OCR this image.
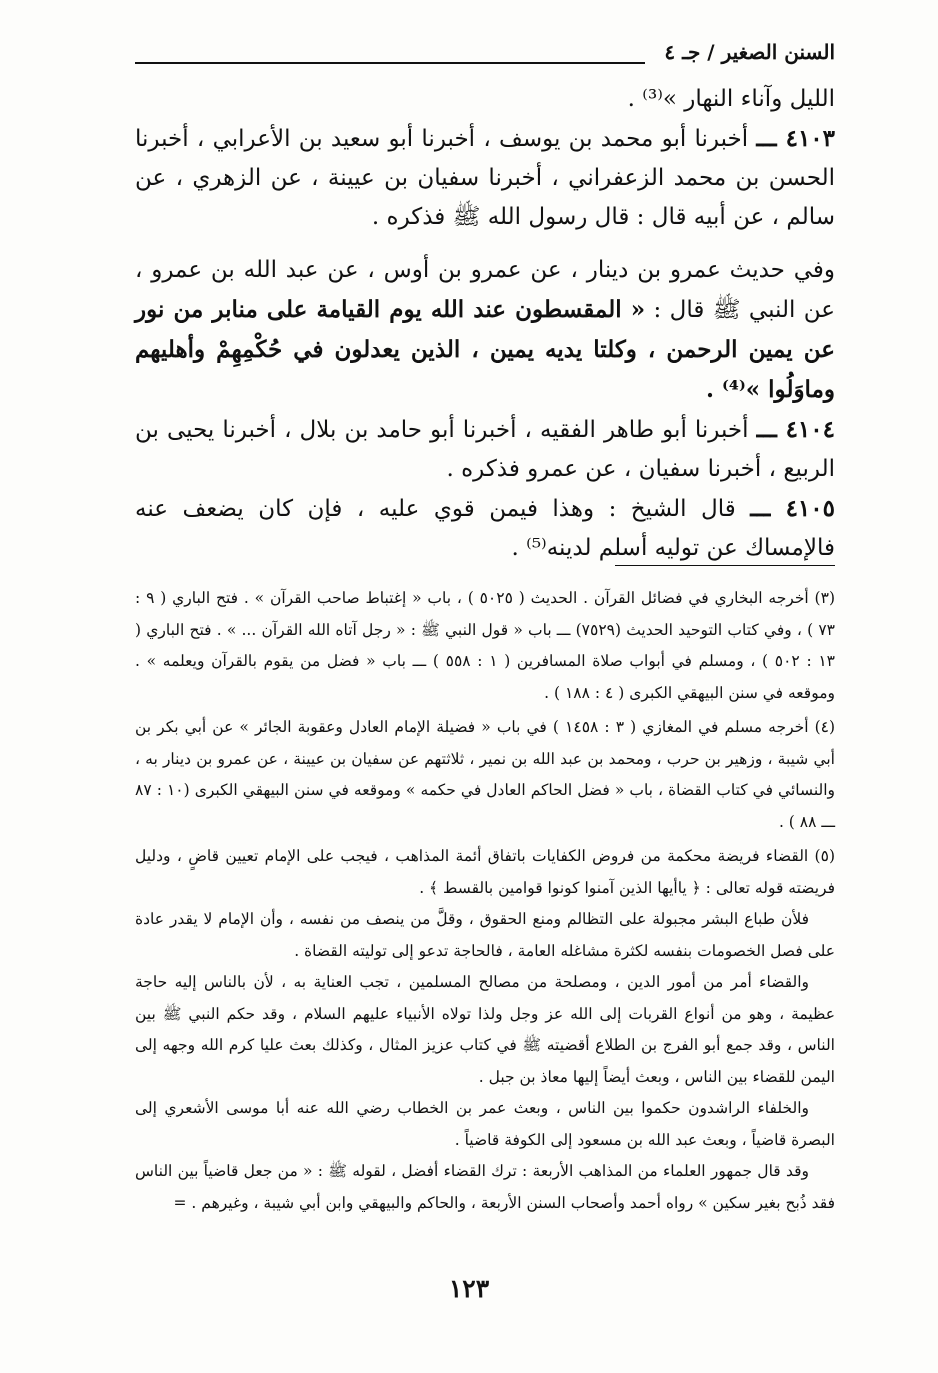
السنن الصغير / جـ ٤

الليل وآناء النهار »⁽³⁾ .

٤١٠٣ ـــ أخبرنا أبو محمد بن يوسف ، أخبرنا أبو سعيد بن الأعرابي ، أخبرنا الحسن بن محمد الزعفراني ، أخبرنا سفيان بن عيينة ، عن الزهري ، عن سالم ، عن أبيه قال : قال رسول الله ﷺ فذكره .

وفي حديث عمرو بن دينار ، عن عمرو بن أوس ، عن عبد الله بن عمرو ، عن النبي ﷺ قال : « المقسطون عند الله يوم القيامة على منابر من نور عن يمين الرحمن ، وكلتا يديه يمين ، الذين يعدلون في حُكْمِهِمْ وأهليهم وماوَلُوا »⁽⁴⁾ .

٤١٠٤ ـــ أخبرنا أبو طاهر الفقيه ، أخبرنا أبو حامد بن بلال ، أخبرنا يحيى بن الربيع ، أخبرنا سفيان ، عن عمرو فذكره .

٤١٠٥ ـــ قال الشيخ : وهذا فيمن قوي عليه ، فإن كان يضعف عنه فالإمساك عن توليه أسلم لدينه⁽⁵⁾ .

(٣) أخرجه البخاري في فضائل القرآن . الحديث ( ٥٠٢٥ ) ، باب « إغتباط صاحب القرآن » . فتح الباري ( ٩ : ٧٣ ) ، وفي كتاب التوحيد الحديث (٧٥٢٩) ـــ باب « قول النبي ﷺ : « رجل آتاه الله القرآن ... » . فتح الباري ( ١٣ : ٥٠٢ ) ، ومسلم في أبواب صلاة المسافرين ( ١ : ٥٥٨ ) ـــ باب « فضل من يقوم بالقرآن ويعلمه » . وموقعه في سنن البيهقي الكبرى ( ٤ : ١٨٨ ) .

(٤) أخرجه مسلم في المغازي ( ٣ : ١٤٥٨ ) في باب « فضيلة الإمام العادل وعقوبة الجائر » عن أبي بكر بن أبي شيبة ، وزهير بن حرب ، ومحمد بن عبد الله بن نمير ، ثلاثتهم عن سفيان بن عيينة ، عن عمرو بن دينار به ، والنسائي في كتاب القضاة ، باب « فضل الحاكم العادل في حكمه » وموقعه في سنن البيهقي الكبرى (١٠ : ٨٧ ـــ ٨٨ ) .

(٥) القضاء فريضة محكمة من فروض الكفايات باتفاق أئمة المذاهب ، فيجب على الإمام تعيين قاضٍ ، ودليل فريضته قوله تعالى : ﴿ ياأيها الذين آمنوا كونوا قوامين بالقسط ﴾ .

فلأن طباع البشر مجبولة على التظالم ومنع الحقوق ، وقلَّ من ينصف من نفسه ، وأن الإمام لا يقدر عادة على فصل الخصومات بنفسه لكثرة مشاغله العامة ، فالحاجة تدعو إلى توليته القضاة .

والقضاء أمر من أمور الدين ، ومصلحة من مصالح المسلمين ، تجب العناية به ، لأن بالناس إليه حاجة عظيمة ، وهو من أنواع القربات إلى الله عز وجل ولذا تولاه الأنبياء عليهم السلام ، وقد حكم النبي ﷺ بين الناس ، وقد جمع أبو الفرج بن الطلاع أقضيته ﷺ في كتاب عزيز المثال ، وكذلك بعث عليا كرم الله وجهه إلى اليمن للقضاء بين الناس ، وبعث أيضاً إليها معاذ بن جبل .

والخلفاء الراشدون حكموا بين الناس ، وبعث عمر بن الخطاب رضي الله عنه أبا موسى الأشعري إلى البصرة قاضياً ، وبعث عبد الله بن مسعود إلى الكوفة قاضياً .

وقد قال جمهور العلماء من المذاهب الأربعة : ترك القضاء أفضل ، لقوله ﷺ : « من جعل قاضياً بين الناس فقد ذُبح بغير سكين » رواه أحمد وأصحاب السنن الأربعة ، والحاكم والبيهقي وابن أبي شيبة ، وغيرهم . =

١٢٣
